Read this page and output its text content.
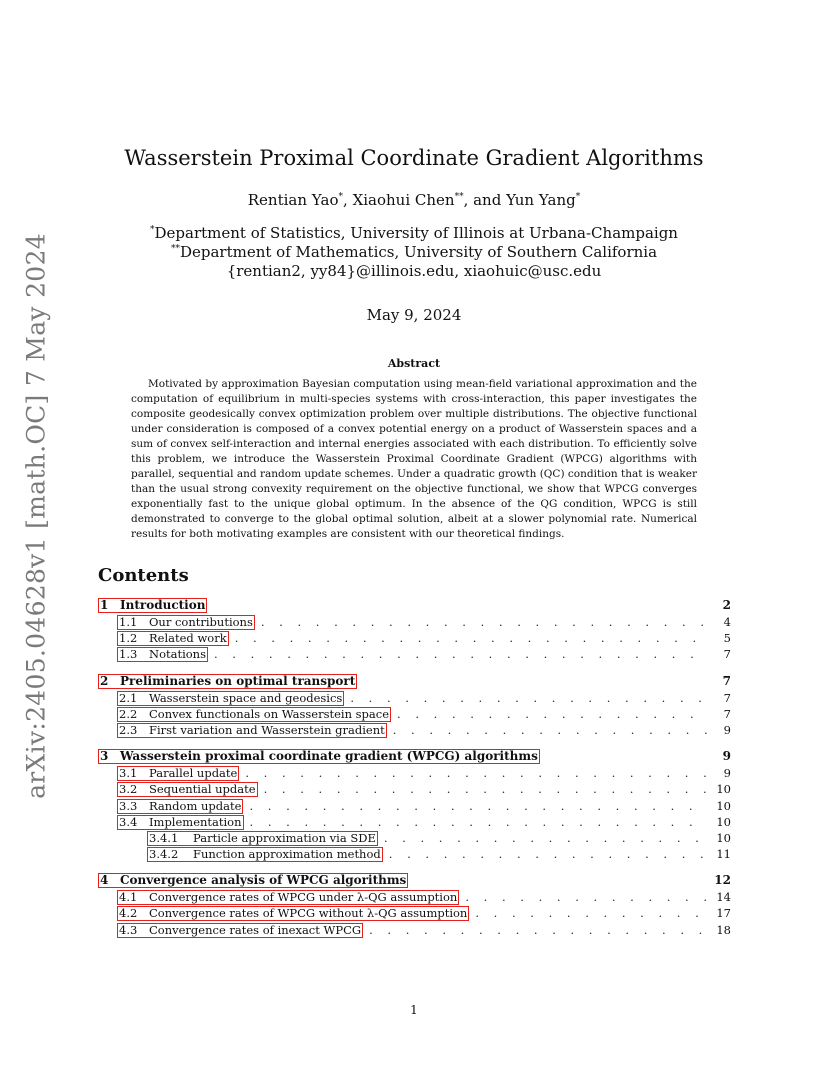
arXiv:2405.04628v1 [math.OC] 7 May 2024
Wasserstein Proximal Coordinate Gradient Algorithms
Rentian Yao*, Xiaohui Chen**, and Yun Yang*
*Department of Statistics, University of Illinois at Urbana-Champaign
**Department of Mathematics, University of Southern California
{rentian2, yy84}@illinois.edu, xiaohuic@usc.edu
May 9, 2024
Abstract
Motivated by approximation Bayesian computation using mean-field variational approximation and the computation of equilibrium in multi-species systems with cross-interaction, this paper investigates the composite geodesically convex optimization problem over multiple distributions. The objective functional under consideration is composed of a convex potential energy on a product of Wasserstein spaces and a sum of convex self-interaction and internal energies associated with each distribution. To efficiently solve this problem, we introduce the Wasserstein Proximal Coordinate Gradient (WPCG) algorithms with parallel, sequential and random update schemes. Under a quadratic growth (QC) condition that is weaker than the usual strong convexity requirement on the objective functional, we show that WPCG converges exponentially fast to the unique global optimum. In the absence of the QG condition, WPCG is still demonstrated to converge to the global optimal solution, albeit at a slower polynomial rate. Numerical results for both motivating examples are consistent with our theoretical findings.
Contents
1 Introduction	2
1.1	Our contributions . . .	4
1.2	Related work . . .	5
1.3	Notations . . .	7
2 Preliminaries on optimal transport	7
2.1	Wasserstein space and geodesics . . .	7
2.2	Convex functionals on Wasserstein space . . .	7
2.3	First variation and Wasserstein gradient . . .	9
3 Wasserstein proximal coordinate gradient (WPCG) algorithms	9
3.1	Parallel update . . .	9
3.2	Sequential update . . .	10
3.3	Random update . . .	10
3.4	Implementation . . .	10
3.4.1	Particle approximation via SDE . . .	10
3.4.2	Function approximation method . . .	11
4 Convergence analysis of WPCG algorithms	12
4.1	Convergence rates of WPCG under λ-QG assumption . . .	14
4.2	Convergence rates of WPCG without λ-QG assumption . . .	17
4.3	Convergence rates of inexact WPCG . . .	18
1
